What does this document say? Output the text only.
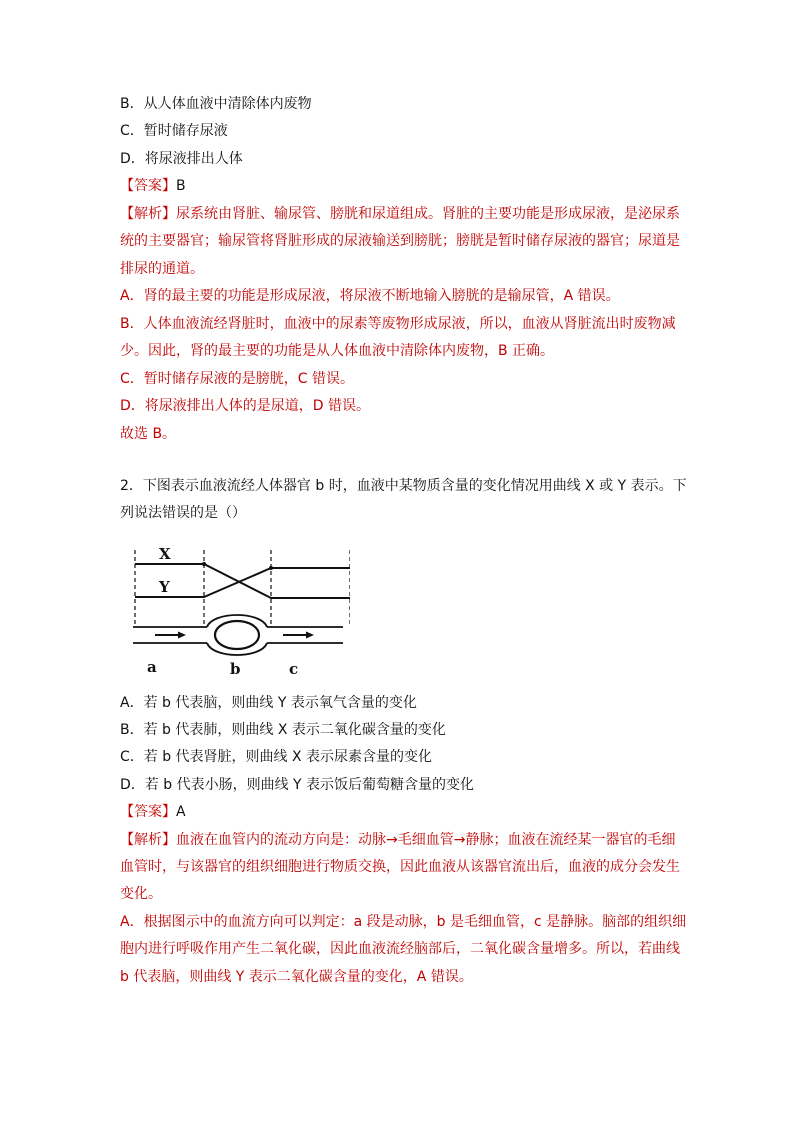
B．从人体血液中清除体内废物
C．暂时储存尿液
D．将尿液排出人体
【答案】B
【解析】尿系统由肾脏、输尿管、膀胱和尿道组成。肾脏的主要功能是形成尿液，是泌尿系
统的主要器官；输尿管将肾脏形成的尿液输送到膀胱；膀胱是暂时储存尿液的器官；尿道是
排尿的通道。
A．肾的最主要的功能是形成尿液，将尿液不断地输入膀胱的是输尿管，A 错误。
B．人体血液流经肾脏时，血液中的尿素等废物形成尿液，所以，血液从肾脏流出时废物减
少。因此，肾的最主要的功能是从人体血液中清除体内废物，B 正确。
C．暂时储存尿液的是膀胱，C 错误。
D．将尿液排出人体的是尿道，D 错误。
故选 B。
2．下图表示血液流经人体器官 b 时，血液中某物质含量的变化情况用曲线 X 或 Y 表示。下
列说法错误的是（）
X
Y
a	b	c
A．若 b 代表脑，则曲线 Y 表示氧气含量的变化
B．若 b 代表肺，则曲线 X 表示二氧化碳含量的变化
C．若 b 代表肾脏，则曲线 X 表示尿素含量的变化
D．若 b 代表小肠，则曲线 Y 表示饭后葡萄糖含量的变化
【答案】A
【解析】血液在血管内的流动方向是：动脉→毛细血管→静脉；血液在流经某一器官的毛细
血管时，与该器官的组织细胞进行物质交换，因此血液从该器官流出后，血液的成分会发生
变化。
A．根据图示中的血流方向可以判定：a 段是动脉，b 是毛细血管，c 是静脉。脑部的组织细
胞内进行呼吸作用产生二氧化碳，因此血液流经脑部后，二氧化碳含量增多。所以，若曲线
b 代表脑，则曲线 Y 表示二氧化碳含量的变化，A 错误。
